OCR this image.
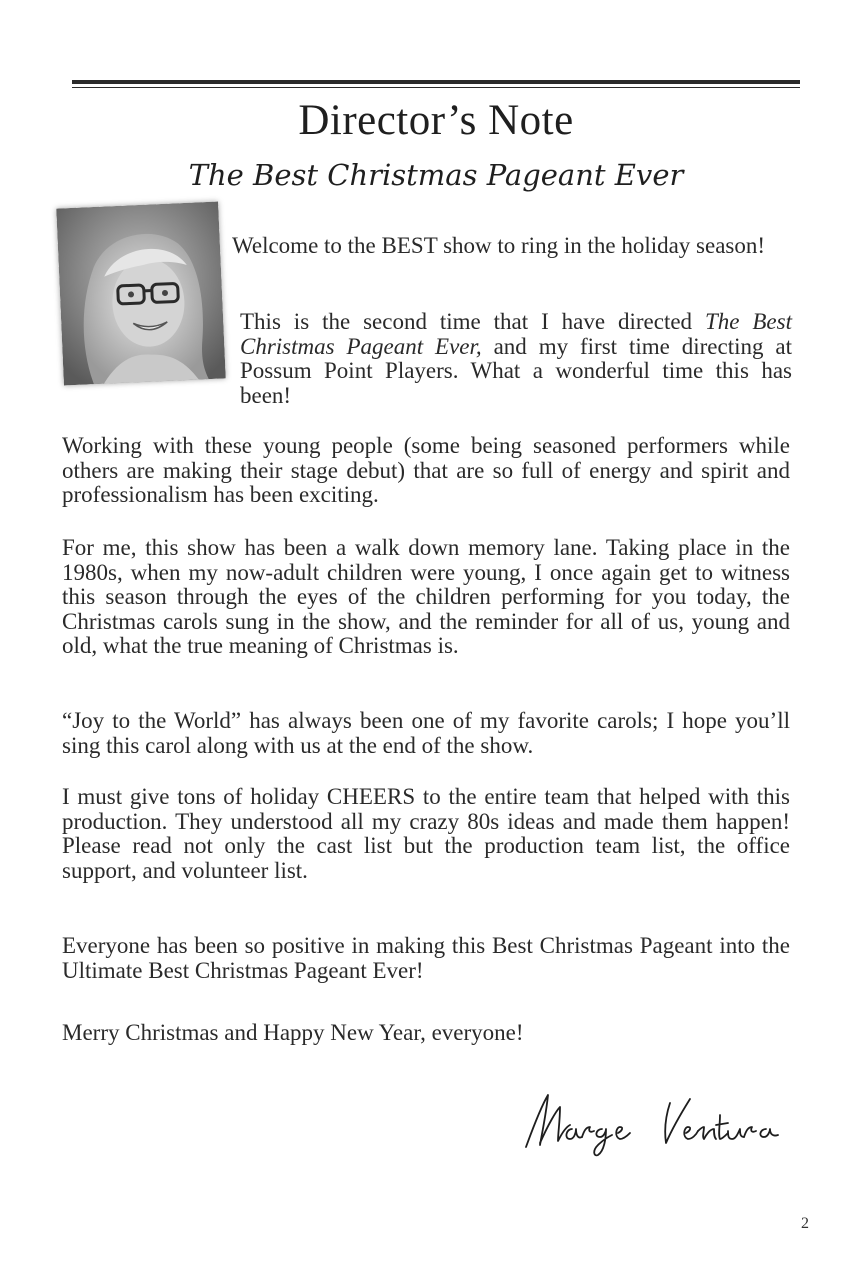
Director’s Note
The Best Christmas Pageant Ever

Welcome to the BEST show to ring in the holiday season!

This is the second time that I have directed The Best Christmas Pageant Ever, and my first time directing at Possum Point Players. What a wonderful time this has been!

Working with these young people (some being seasoned performers while others are making their stage debut) that are so full of energy and spirit and professionalism has been exciting.

For me, this show has been a walk down memory lane. Taking place in the 1980s, when my now-adult children were young, I once again get to witness this season through the eyes of the children performing for you today, the Christmas carols sung in the show, and the reminder for all of us, young and old, what the true meaning of Christmas is.

“Joy to the World” has always been one of my favorite carols; I hope you’ll sing this carol along with us at the end of the show.

I must give tons of holiday CHEERS to the entire team that helped with this production. They understood all my crazy 80s ideas and made them happen! Please read not only the cast list but the production team list, the office support, and volunteer list.

Everyone has been so positive in making this Best Christmas Pageant into the Ultimate Best Christmas Pageant Ever!

Merry Christmas and Happy New Year, everyone!

2
